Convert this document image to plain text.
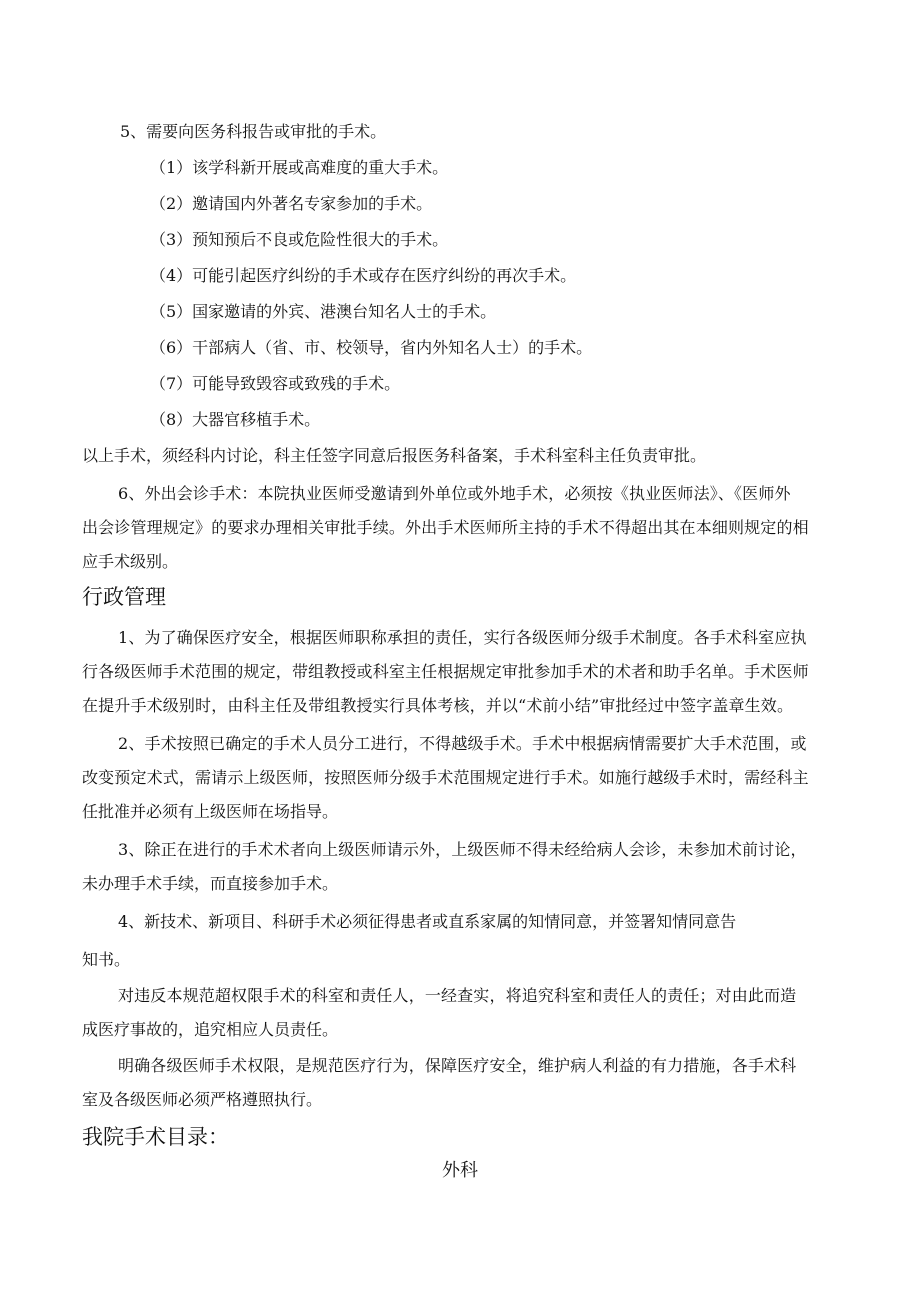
5、需要向医务科报告或审批的手术。
（1）该学科新开展或高难度的重大手术。
（2）邀请国内外著名专家参加的手术。
（3）预知预后不良或危险性很大的手术。
（4）可能引起医疗纠纷的手术或存在医疗纠纷的再次手术。
（5）国家邀请的外宾、港澳台知名人士的手术。
（6）干部病人（省、市、校领导，省内外知名人士）的手术。
（7）可能导致毁容或致残的手术。
（8）大器官移植手术。
以上手术，须经科内讨论，科主任签字同意后报医务科备案，手术科室科主任负责审批。
6、外出会诊手术：本院执业医师受邀请到外单位或外地手术，必须按《执业医师法》、《医师外
出会诊管理规定》的要求办理相关审批手续。外出手术医师所主持的手术不得超出其在本细则规定的相
应手术级别。
行政管理
1、为了确保医疗安全，根据医师职称承担的责任，实行各级医师分级手术制度。各手术科室应执
行各级医师手术范围的规定，带组教授或科室主任根据规定审批参加手术的术者和助手名单。手术医师
在提升手术级别时，由科主任及带组教授实行具体考核，并以“术前小结”审批经过中签字盖章生效。
2、手术按照已确定的手术人员分工进行，不得越级手术。手术中根据病情需要扩大手术范围，或
改变预定术式，需请示上级医师，按照医师分级手术范围规定进行手术。如施行越级手术时，需经科主
任批准并必须有上级医师在场指导。
3、除正在进行的手术术者向上级医师请示外，上级医师不得未经给病人会诊，未参加术前讨论，
未办理手术手续，而直接参加手术。
4、新技术、新项目、科研手术必须征得患者或直系家属的知情同意，并签署知情同意告
知书。
对违反本规范超权限手术的科室和责任人，一经查实，将追究科室和责任人的责任；对由此而造
成医疗事故的，追究相应人员责任。
明确各级医师手术权限，是规范医疗行为，保障医疗安全，维护病人利益的有力措施，各手术科
室及各级医师必须严格遵照执行。
我院手术目录：
外科
